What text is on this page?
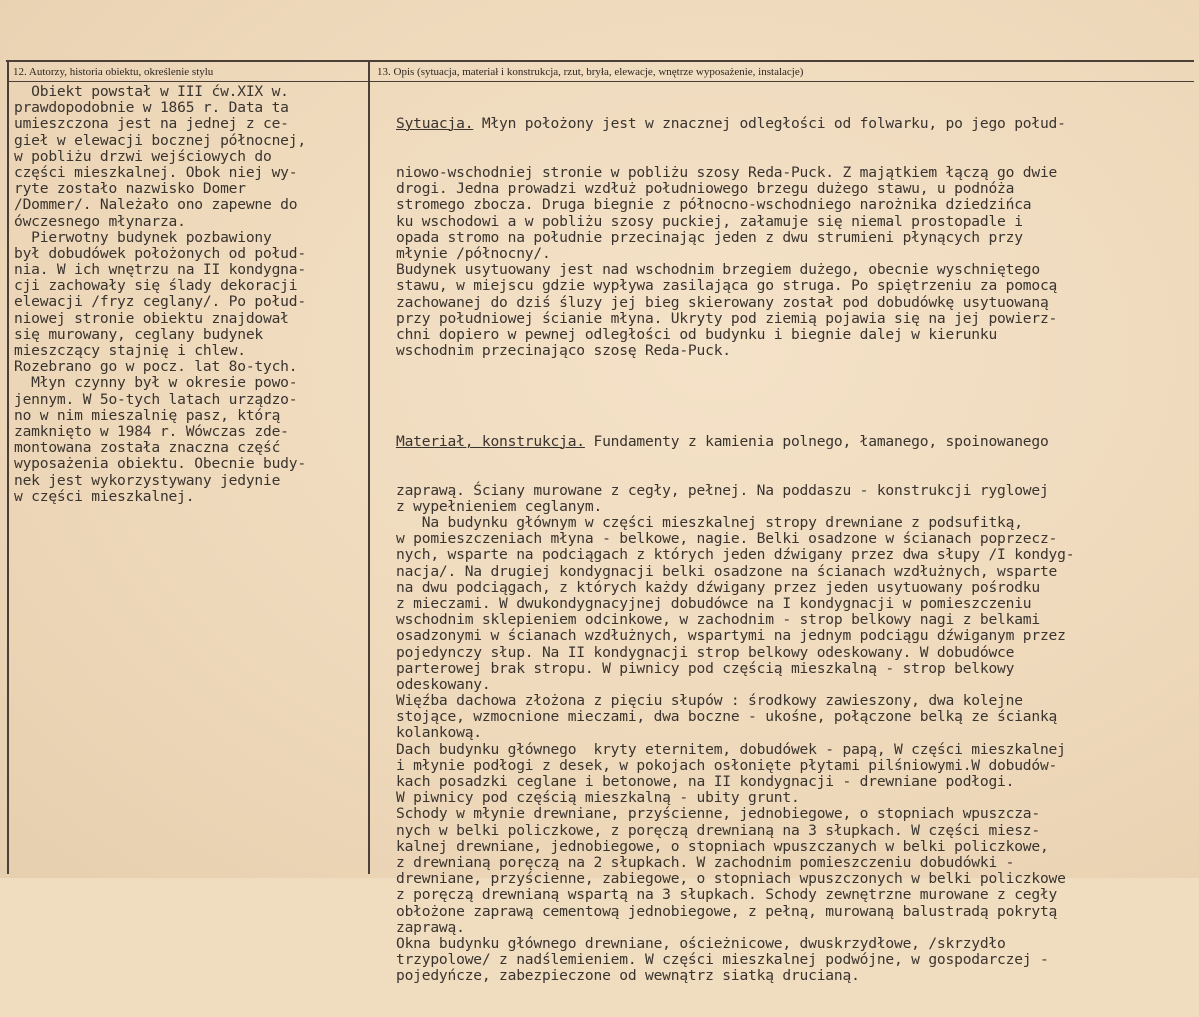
12. Autorzy, historia obiektu, określenie stylu	13. Opis (sytuacja, materiał i konstrukcja, rzut, bryła, elewacje, wnętrze wyposażenie, instalacje)
Obiekt powstał w III ćw.XIX w.
prawdopodobnie w 1865 r. Data ta
umieszczona jest na jednej z ce-
gieł w elewacji bocznej północnej,
w pobliżu drzwi wejściowych do
części mieszkalnej. Obok niej wy-
ryte zostało nazwisko Domer
/Dommer/. Należało ono zapewne do
ówczesnego młynarza.
Pierwotny budynek pozbawiony
był dobudówek położonych od połud-
nia. W ich wnętrzu na II kondygna-
cji zachowały się ślady dekoracji
elewacji /fryz ceglany/. Po połud-
niowej stronie obiektu znajdował
się murowany, ceglany budynek
mieszczący stajnię i chlew.
Rozebrano go w pocz. lat 8o-tych.
Młyn czynny był w okresie powo-
jennym. W 5o-tych latach urządzo-
no w nim mieszalnię pasz, którą
zamknięto w 1984 r. Wówczas zde-
montowana została znaczna część
wyposażenia obiektu. Obecnie budy-
nek jest wykorzystywany jedynie
w części mieszkalnej.

Sytuacja. Młyn położony jest w znacznej odległości od folwarku, po jego połud-

niowo-wschodniej stronie w pobliżu szosy Reda-Puck. Z majątkiem łączą go dwie
drogi. Jedna prowadzi wzdłuż południowego brzegu dużego stawu, u podnóża
stromego zbocza. Druga biegnie z północno-wschodniego narożnika dziedzińca
ku wschodowi a w pobliżu szosy puckiej, załamuje się niemal prostopadle i
opada stromo na południe przecinając jeden z dwu strumieni płynących przy
młynie /północny/.
Budynek usytuowany jest nad wschodnim brzegiem dużego, obecnie wyschniętego
stawu, w miejscu gdzie wypływa zasilająca go struga. Po spiętrzeniu za pomocą
zachowanej do dziś śluzy jej bieg skierowany został pod dobudówkę usytuowaną
przy południowej ścianie młyna. Ukryty pod ziemią pojawia się na jej powierz-
chni dopiero w pewnej odległości od budynku i biegnie dalej w kierunku
wschodnim przecinająco szosę Reda-Puck.

Materiał, konstrukcja. Fundamenty z kamienia polnego, łamanego, spoinowanego

zaprawą. Ściany murowane z cegły, pełnej. Na poddaszu - konstrukcji ryglowej
z wypełnieniem ceglanym.
Na budynku głównym w części mieszkalnej stropy drewniane z podsufitką,
w pomieszczeniach młyna - belkowe, nagie. Belki osadzone w ścianach poprzecz-
nych, wsparte na podciągach z których jeden dźwigany przez dwa słupy /I kondyg-
nacja/. Na drugiej kondygnacji belki osadzone na ścianach wzdłużnych, wsparte
na dwu podciągach, z których każdy dźwigany przez jeden usytuowany pośrodku
z mieczami. W dwukondygnacyjnej dobudówce na I kondygnacji w pomieszczeniu
wschodnim sklepieniem odcinkowe, w zachodnim - strop belkowy nagi z belkami
osadzonymi w ścianach wzdłużnych, wspartymi na jednym podciągu dźwiganym przez
pojedynczy słup. Na II kondygnacji strop belkowy odeskowany. W dobudówce
parterowej brak stropu. W piwnicy pod częścią mieszkalną - strop belkowy
odeskowany.
Więźba dachowa złożona z pięciu słupów : środkowy zawieszony, dwa kolejne
stojące, wzmocnione mieczami, dwa boczne - ukośne, połączone belką ze ścianką
kolankową.
Dach budynku głównego  kryty eternitem, dobudówek - papą, W części mieszkalnej
i młynie podłogi z desek, w pokojach osłonięte płytami pilśniowymi.W dobudów-
kach posadzki ceglane i betonowe, na II kondygnacji - drewniane podłogi.
W piwnicy pod częścią mieszkalną - ubity grunt.
Schody w młynie drewniane, przyścienne, jednobiegowe, o stopniach wpuszcza-
nych w belki policzkowe, z poręczą drewnianą na 3 słupkach. W części miesz-
kalnej drewniane, jednobiegowe, o stopniach wpuszczanych w belki policzkowe,
z drewnianą poręczą na 2 słupkach. W zachodnim pomieszczeniu dobudówki -
drewniane, przyścienne, zabiegowe, o stopniach wpuszczonych w belki policzkowe
z poręczą drewnianą wspartą na 3 słupkach. Schody zewnętrzne murowane z cegły
obłożone zaprawą cementową jednobiegowe, z pełną, murowaną balustradą pokrytą
zaprawą.
Okna budynku głównego drewniane, ościeżnicowe, dwuskrzydłowe, /skrzydło
trzypolowe/ z nadślemieniem. W części mieszkalnej podwójne, w gospodarczej -
pojedyńcze, zabezpieczone od wewnątrz siatką drucianą.
